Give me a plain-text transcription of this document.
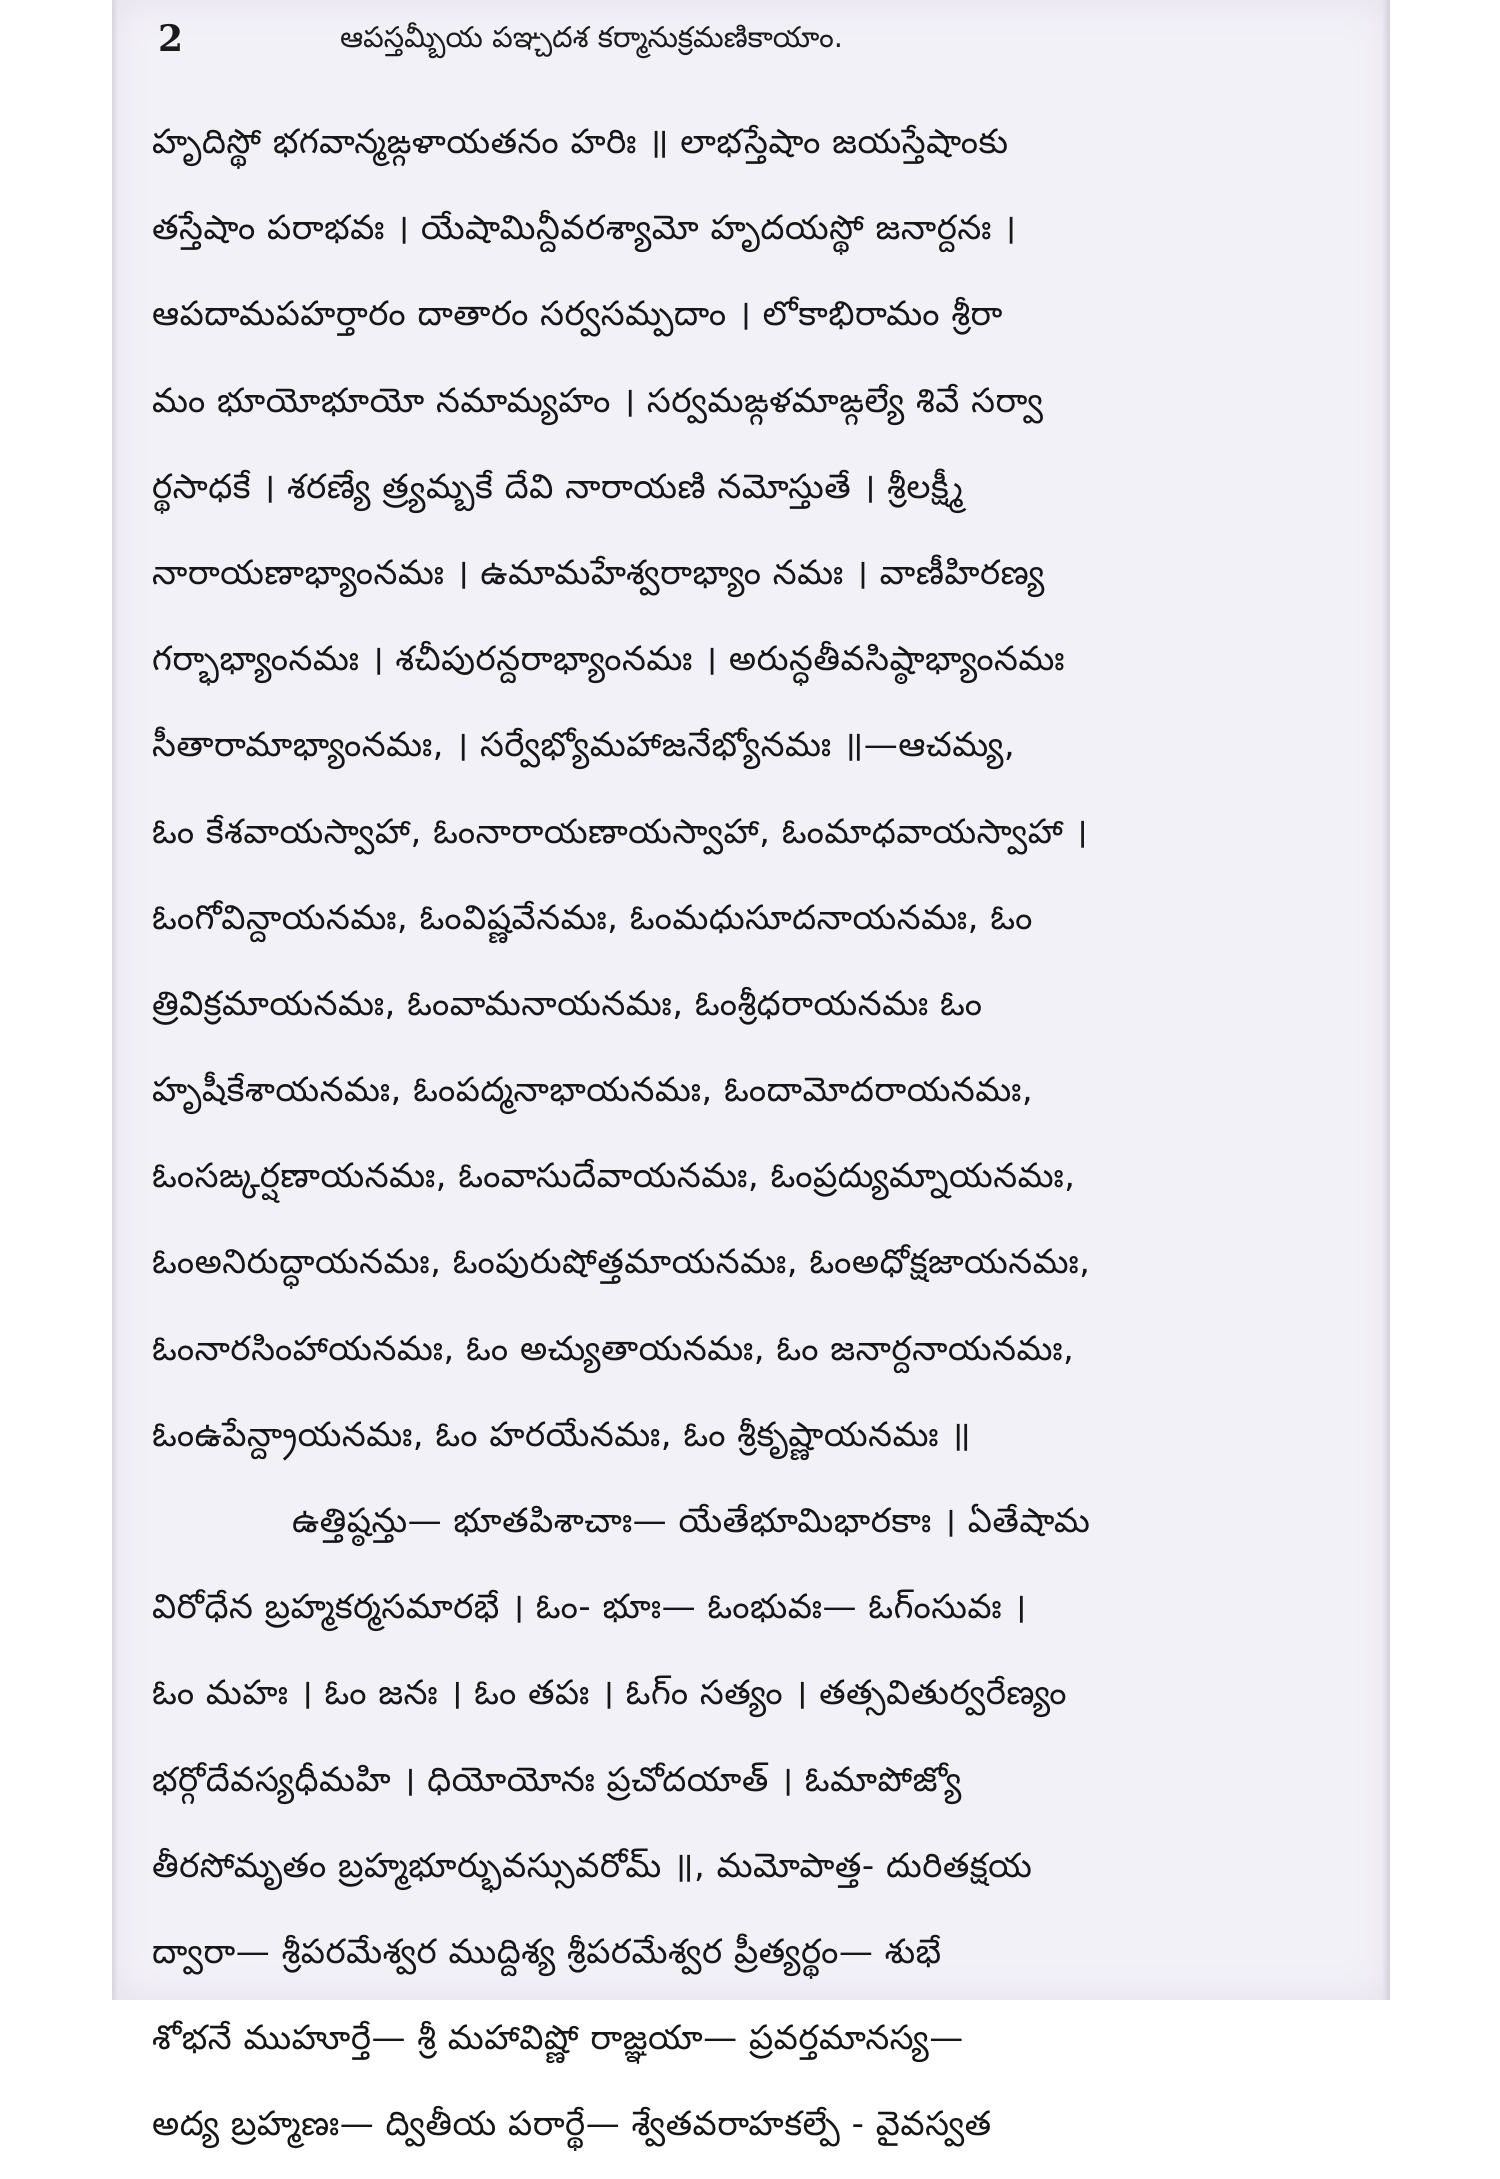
2	ఆపస్తమ్బీయ పఞ్చదశ కర్మానుక్రమణికాయాం.
హృదిస్థో భగవాన్మఙ్గళాయతనం హరిః ॥ లాభస్తేషాం జయస్తేషాంకు
తస్తేషాం పరాభవః । యేషామిన్దీవరశ్యామో హృదయస్థో జనార్దనః ।
ఆపదామపహర్తారం దాతారం సర్వసమ్పదాం । లోకాభిరామం శ్రీరా
మం భూయోభూయో నమామ్యహం । సర్వమఙ్గళమాఙ్గల్యే శివే సర్వా
ర్థసాధకే । శరణ్యే త్ర్యమ్బకే దేవి నారాయణి నమోస్తుతే । శ్రీలక్ష్మీ
నారాయణాభ్యాంనమః । ఉమామహేశ్వరాభ్యాం నమః । వాణీహిరణ్య
గర్భాభ్యాంనమః । శచీపురన్దరాభ్యాంనమః । అరున్ధతీవసిష్ఠాభ్యాంనమః
సీతారామాభ్యాంనమః, । సర్వేభ్యోమహాజనేభ్యోనమః ॥—ఆచమ్య,
ఓం కేశవాయస్వాహా, ఓంనారాయణాయస్వాహా, ఓంమాధవాయస్వాహా ।
ఓంగోవిన్దాయనమః, ఓంవిష్ణవేనమః, ఓంమధుసూదనాయనమః, ఓం
త్రివిక్రమాయనమః, ఓంవామనాయనమః, ఓంశ్రీధరాయనమః ఓం
హృషీకేశాయనమః, ఓంపద్మనాభాయనమః, ఓందామోదరాయనమః,
ఓంసఙ్కర్షణాయనమః, ఓంవాసుదేవాయనమః, ఓంప్రద్యుమ్నాయనమః,
ఓంఅనిరుద్ధాయనమః, ఓంపురుషోత్తమాయనమః, ఓంఅధోక్షజాయనమః,
ఓంనారసింహాయనమః, ఓం అచ్యుతాయనమః, ఓం జనార్దనాయనమః,
ఓంఉపేన్ద్రాయనమః, ఓం హరయేనమః, ఓం శ్రీకృష్ణాయనమః ॥
ఉత్తిష్ఠన్తు— భూతపిశాచాః— యేతేభూమిభారకాః । ఏతేషామ
విరోధేన బ్రహ్మకర్మసమారభే । ఓం- భూః— ఓంభువః— ఓగ్ంసువః ।
ఓం మహః । ఓం జనః । ఓం తపః । ఓగ్ం సత్యం । తత్సవితుర్వరేణ్యం
భర్గోదేవస్యధీమహి । ధియోయోనః ప్రచోదయాత్ । ఓమాపోజ్యో
తీరసోమృతం బ్రహ్మభూర్భువస్సువరోమ్ ॥, మమోపాత్త- దురితక్షయ
ద్వారా— శ్రీపరమేశ్వర ముద్దిశ్య శ్రీపరమేశ్వర ప్రీత్యర్థం— శుభే
శోభనే ముహూర్తే— శ్రీ మహావిష్ణో రాజ్ఞయా— ప్రవర్తమానస్య—
అద్య బ్రహ్మణః— ద్వితీయ పరార్థే— శ్వేతవరాహకల్పే - వైవస్వత
